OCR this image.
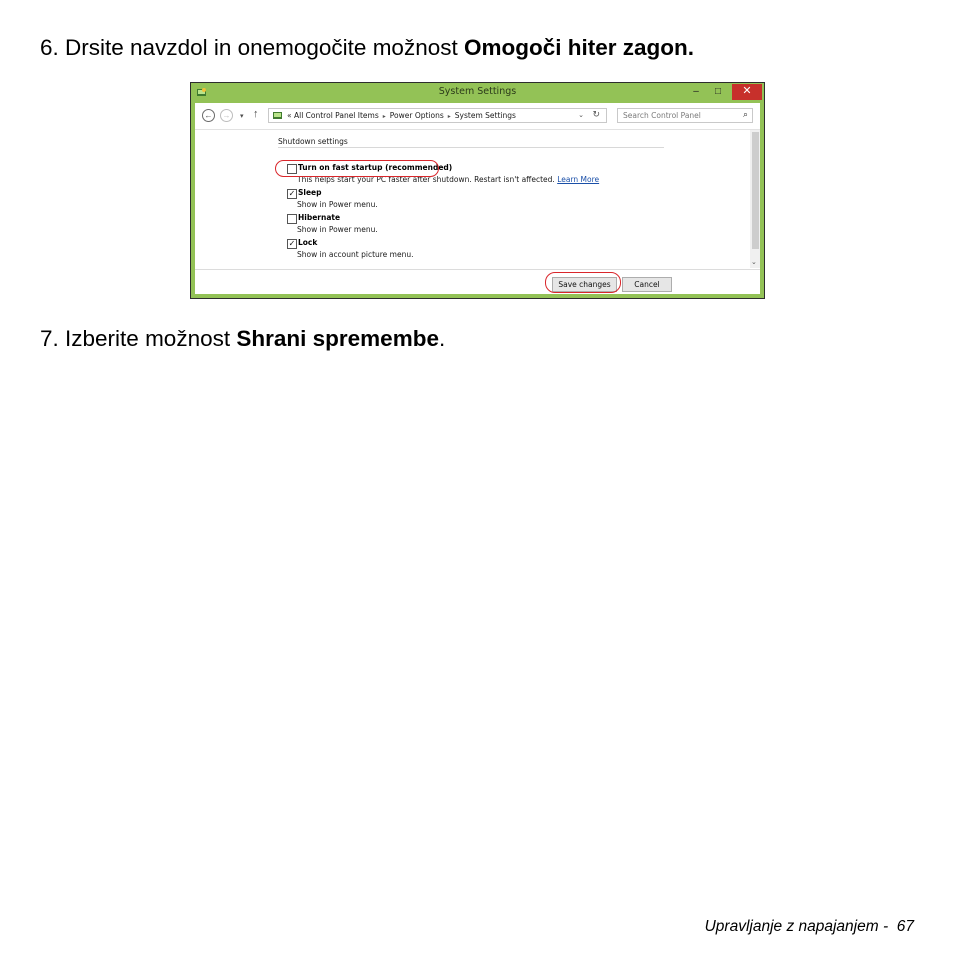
6. Drsite navzdol in onemogočite možnost Omogoči hiter zagon.
System Settings	–	□	✕
←	→	▾ ↑	« All Control Panel Items ▸ Power Options ▸ System Settings	⌄ ↻
Search Control Panel	⌕
Shutdown settings
Turn on fast startup (recommended)
This helps start your PC faster after shutdown. Restart isn't affected. Learn More
✓ Sleep
Show in Power menu.
Hibernate
Show in Power menu.
✓ Lock
Show in account picture menu.
⌄
Save changes	Cancel
7. Izberite možnost Shrani spremembe.
Upravljanje z napajanjem -  67
